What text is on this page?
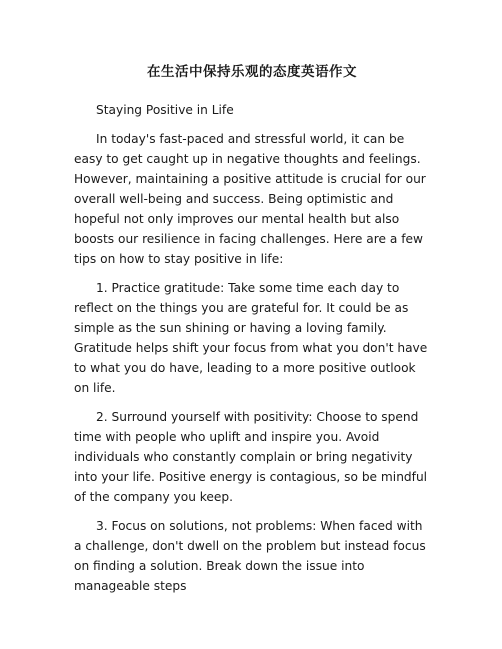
在生活中保持乐观的态度英语作文
Staying Positive in Life

In today's fast-paced and stressful world, it can be easy to get caught up in negative thoughts and feelings. However, maintaining a positive attitude is crucial for our overall well-being and success. Being optimistic and hopeful not only improves our mental health but also boosts our resilience in facing challenges. Here are a few tips on how to stay positive in life:

1. Practice gratitude: Take some time each day to reflect on the things you are grateful for. It could be as simple as the sun shining or having a loving family. Gratitude helps shift your focus from what you don't have to what you do have, leading to a more positive outlook on life.

2. Surround yourself with positivity: Choose to spend time with people who uplift and inspire you. Avoid individuals who constantly complain or bring negativity into your life. Positive energy is contagious, so be mindful of the company you keep.

3. Focus on solutions, not problems: When faced with a challenge, don't dwell on the problem but instead focus on finding a solution. Break down the issue into manageable steps
